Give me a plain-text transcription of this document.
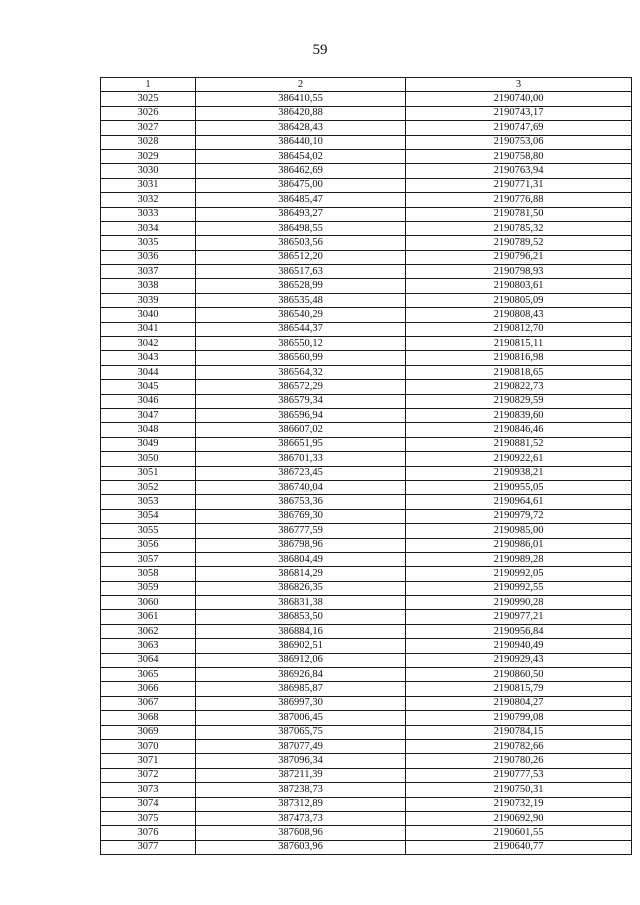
59
1	2	3
3025	386410,55	2190740,00
3026	386420,88	2190743,17
3027	386428,43	2190747,69
3028	386440,10	2190753,06
3029	386454,02	2190758,80
3030	386462,69	2190763,94
3031	386475,00	2190771,31
3032	386485,47	2190776,88
3033	386493,27	2190781,50
3034	386498,55	2190785,32
3035	386503,56	2190789,52
3036	386512,20	2190796,21
3037	386517,63	2190798,93
3038	386528,99	2190803,61
3039	386535,48	2190805,09
3040	386540,29	2190808,43
3041	386544,37	2190812,70
3042	386550,12	2190815,11
3043	386560,99	2190816,98
3044	386564,32	2190818,65
3045	386572,29	2190822,73
3046	386579,34	2190829,59
3047	386596,94	2190839,60
3048	386607,02	2190846,46
3049	386651,95	2190881,52
3050	386701,33	2190922,61
3051	386723,45	2190938,21
3052	386740,04	2190955,05
3053	386753,36	2190964,61
3054	386769,30	2190979,72
3055	386777,59	2190985,00
3056	386798,96	2190986,01
3057	386804,49	2190989,28
3058	386814,29	2190992,05
3059	386826,35	2190992,55
3060	386831,38	2190990,28
3061	386853,50	2190977,21
3062	386884,16	2190956,84
3063	386902,51	2190940,49
3064	386912,06	2190929,43
3065	386926,84	2190860,50
3066	386985,87	2190815,79
3067	386997,30	2190804,27
3068	387006,45	2190799,08
3069	387065,75	2190784,15
3070	387077,49	2190782,66
3071	387096,34	2190780,26
3072	387211,39	2190777,53
3073	387238,73	2190750,31
3074	387312,89	2190732,19
3075	387473,73	2190692,90
3076	387608,96	2190601,55
3077	387603,96	2190640,77
